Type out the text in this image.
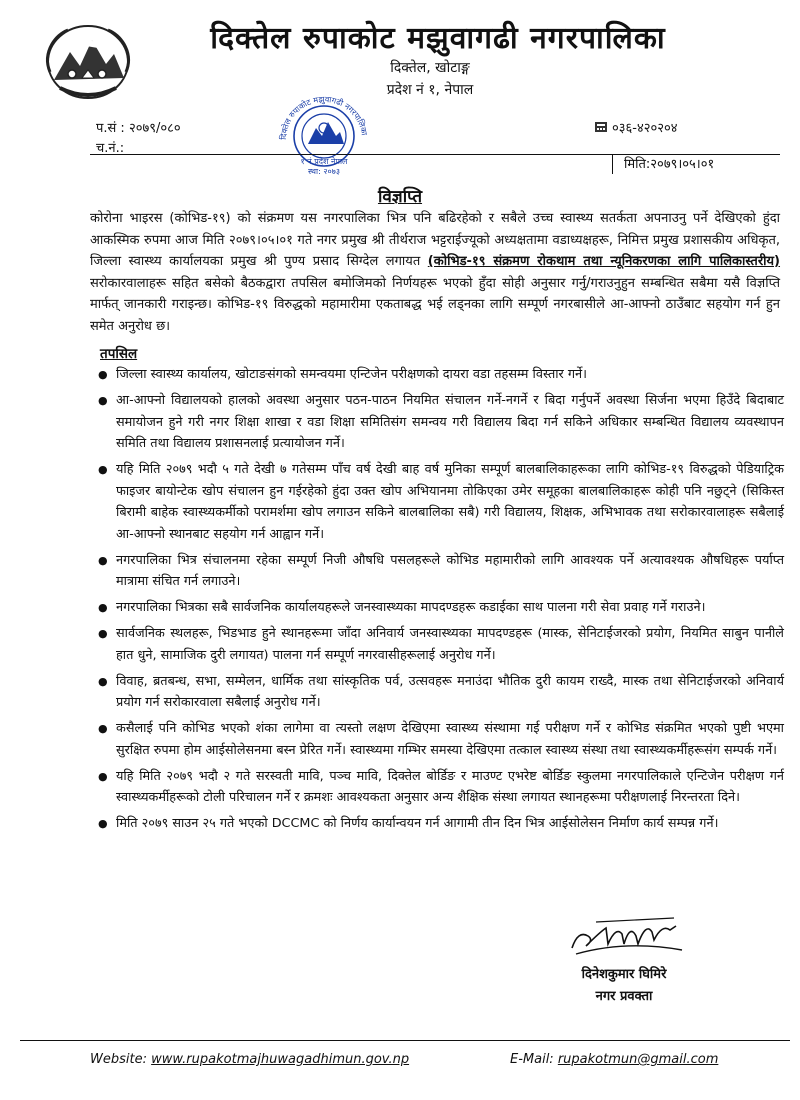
दिक्तेल रुपाकोट मझुवागढी नगरपालिका
दिक्तेल, खोटाङ्ग
प्रदेश नं १, नेपाल
दिक्तेल रुपाकोट मझुवागढी नगरपालिका
१ नं प्रदेश नेपाल
स्था: २०७३
प.सं : २०७९/०८०
च.नं.:
०३६-४२०२०४
मिति:२०७९।०५।०१
विज्ञप्ति
कोरोना भाइरस (कोभिड-१९) को संक्रमण यस नगरपालिका भित्र पनि बढिरहेको र सबैले उच्च स्वास्थ्य सतर्कता अपनाउनु पर्ने देखिएको हुंदा आकस्मिक रुपमा आज मिति २०७९।०५।०१ गते नगर प्रमुख श्री तीर्थराज भट्टराईज्यूको अध्यक्षतामा वडाध्यक्षहरू, निमित्त प्रमुख प्रशासकीय अधिकृत, जिल्ला स्वास्थ्य कार्यालयका प्रमुख श्री पुण्य प्रसाद सिग्देल लगायत (कोभिड-१९ संक्रमण रोकथाम तथा न्यूनिकरणका लागि पालिकास्तरीय) सरोकारवालाहरू सहित बसेको बैठकद्वारा तपसिल बमोजिमको निर्णयहरू भएको हुँदा सोही अनुसार गर्नु/गराउनुहुन सम्बन्धित सबैमा यसै विज्ञप्ति मार्फत् जानकारी गराइन्छ। कोभिड-१९ विरुद्धको महामारीमा एकताबद्ध भई लड्नका लागि सम्पूर्ण नगरबासीले आ-आफ्नो ठाउँबाट सहयोग गर्न हुन समेत अनुरोध छ।
तपसिल
● जिल्ला स्वास्थ्य कार्यालय, खोटाङसंगको समन्वयमा एन्टिजेन परीक्षणको दायरा वडा तहसम्म विस्तार गर्ने।
● आ-आफ्नो विद्यालयको हालको अवस्था अनुसार पठन-पाठन नियमित संचालन गर्ने-नगर्ने र बिदा गर्नुपर्ने अवस्था सिर्जना भएमा हिउँदे बिदाबाट समायोजन हुने गरी नगर शिक्षा शाखा र वडा शिक्षा समितिसंग समन्वय गरी विद्यालय बिदा गर्न सकिने अधिकार सम्बन्धित विद्यालय व्यवस्थापन समिति तथा विद्यालय प्रशासनलाई प्रत्यायोजन गर्ने।
● यहि मिति २०७९ भदौ ५ गते देखी ७ गतेसम्म पाँच वर्ष देखी बाह वर्ष मुनिका सम्पूर्ण बालबालिकाहरूका लागि कोभिड-१९ विरुद्धको पेडियाट्रिक फाइजर बायोन्टेक खोप संचालन हुन गईरहेको हुंदा उक्त खोप अभियानमा तोकिएका उमेर समूहका बालबालिकाहरू कोही पनि नछुट्ने (सिकिस्त बिरामी बाहेक स्वास्थ्यकर्मीको परामर्शमा खोप लगाउन सकिने बालबालिका सबै) गरी विद्यालय, शिक्षक, अभिभावक तथा सरोकारवालाहरू सबैलाई आ-आफ्नो स्थानबाट सहयोग गर्न आह्वान गर्ने।
● नगरपालिका भित्र संचालनमा रहेका सम्पूर्ण निजी औषधि पसलहरूले कोभिड महामारीको लागि आवश्यक पर्ने अत्यावश्यक औषधिहरू पर्याप्त मात्रामा संचित गर्न लगाउने।
● नगरपालिका भित्रका सबै सार्वजनिक कार्यालयहरूले जनस्वास्थ्यका मापदण्डहरू कडाईका साथ पालना गरी सेवा प्रवाह गर्ने गराउने।
● सार्वजनिक स्थलहरू, भिडभाड हुने स्थानहरूमा जाँदा अनिवार्य जनस्वास्थ्यका मापदण्डहरू (मास्क, सेनिटाईजरको प्रयोग, नियमित साबुन पानीले हात धुने, सामाजिक दुरी लगायत) पालना गर्न सम्पूर्ण नगरवासीहरूलाई अनुरोध गर्ने।
● विवाह, ब्रतबन्ध, सभा, सम्मेलन, धार्मिक तथा सांस्कृतिक पर्व, उत्सवहरू मनाउंदा भौतिक दुरी कायम राख्दै, मास्क तथा सेनिटाईजरको अनिवार्य प्रयोग गर्न सरोकारवाला सबैलाई अनुरोध गर्ने।
● कसैलाई पनि कोभिड भएको शंका लागेमा वा त्यस्तो लक्षण देखिएमा स्वास्थ्य संस्थामा गई परीक्षण गर्ने र कोभिड संक्रमित भएको पुष्टी भएमा सुरक्षित रुपमा होम आईसोलेसनमा बस्न प्रेरित गर्ने। स्वास्थ्यमा गम्भिर समस्या देखिएमा तत्काल स्वास्थ्य संस्था तथा स्वास्थ्यकर्मीहरूसंग सम्पर्क गर्ने।
● यहि मिति २०७९ भदौ २ गते सरस्वती मावि, पञ्च मावि, दिक्तेल बोर्डिङ र माउण्ट एभरेष्ट बोर्डिङ स्कुलमा नगरपालिकाले एन्टिजेन परीक्षण गर्न स्वास्थ्यकर्मीहरूको टोली परिचालन गर्ने र क्रमशः आवश्यकता अनुसार अन्य शैक्षिक संस्था लगायत स्थानहरूमा परीक्षणलाई निरन्तरता दिने।
● मिति २०७९ साउन २५ गते भएको DCCMC को निर्णय कार्यान्वयन गर्न आगामी तीन दिन भित्र आईसोलेसन निर्माण कार्य सम्पन्न गर्ने।
दिनेशकुमार घिमिरे
नगर प्रवक्ता
Website: www.rupakotmajhuwagadhimun.gov.np	E-Mail: rupakotmun@gmail.com
